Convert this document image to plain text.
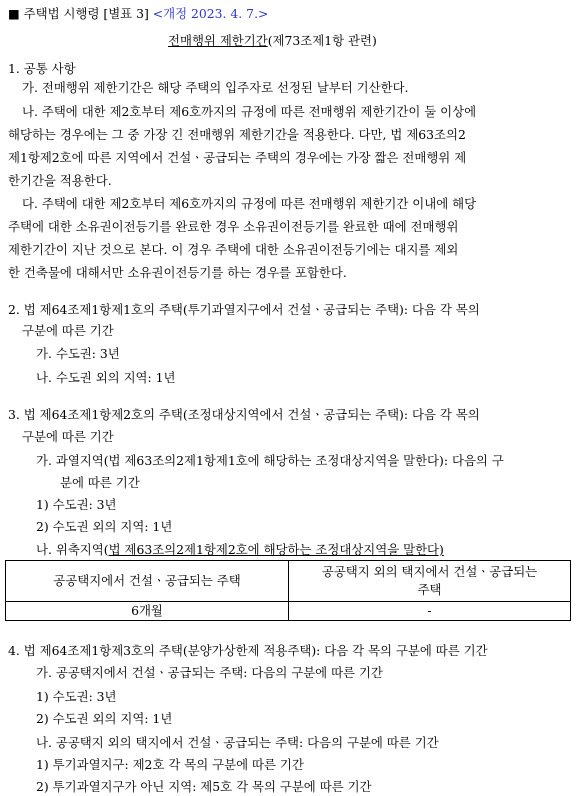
■ 주택법 시행령 [별표 3] <개정 2023. 4. 7.>
전매행위 제한기간(제73조제1항 관련)
1. 공통 사항
가. 전매행위 제한기간은 해당 주택의 입주자로 선정된 날부터 기산한다.
나. 주택에 대한 제2호부터 제6호까지의 규정에 따른 전매행위 제한기간이 둘 이상에
해당하는 경우에는 그 중 가장 긴 전매행위 제한기간을 적용한다. 다만, 법 제63조의2
제1항제2호에 따른 지역에서 건설ㆍ공급되는 주택의 경우에는 가장 짧은 전매행위 제
한기간을 적용한다.
다. 주택에 대한 제2호부터 제6호까지의 규정에 따른 전매행위 제한기간 이내에 해당
주택에 대한 소유권이전등기를 완료한 경우 소유권이전등기를 완료한 때에 전매행위
제한기간이 지난 것으로 본다. 이 경우 주택에 대한 소유권이전등기에는 대지를 제외
한 건축물에 대해서만 소유권이전등기를 하는 경우를 포함한다.
2. 법 제64조제1항제1호의 주택(투기과열지구에서 건설ㆍ공급되는 주택): 다음 각 목의
구분에 따른 기간
가. 수도권: 3년
나. 수도권 외의 지역: 1년
3. 법 제64조제1항제2호의 주택(조정대상지역에서 건설ㆍ공급되는 주택): 다음 각 목의
구분에 따른 기간
가. 과열지역(법 제63조의2제1항제1호에 해당하는 조정대상지역을 말한다): 다음의 구
분에 따른 기간
1) 수도권: 3년
2) 수도권 외의 지역: 1년
나. 위축지역(법 제63조의2제1항제2호에 해당하는 조정대상지역을 말한다)
공공택지에서 건설ㆍ공급되는 주택	공공택지 외의 택지에서 건설ㆍ공급되는
주택

6개월	-
4. 법 제64조제1항제3호의 주택(분양가상한제 적용주택): 다음 각 목의 구분에 따른 기간
가. 공공택지에서 건설ㆍ공급되는 주택: 다음의 구분에 따른 기간
1) 수도권: 3년
2) 수도권 외의 지역: 1년
나. 공공택지 외의 택지에서 건설ㆍ공급되는 주택: 다음의 구분에 따른 기간
1) 투기과열지구: 제2호 각 목의 구분에 따른 기간
2) 투기과열지구가 아닌 지역: 제5호 각 목의 구분에 따른 기간
